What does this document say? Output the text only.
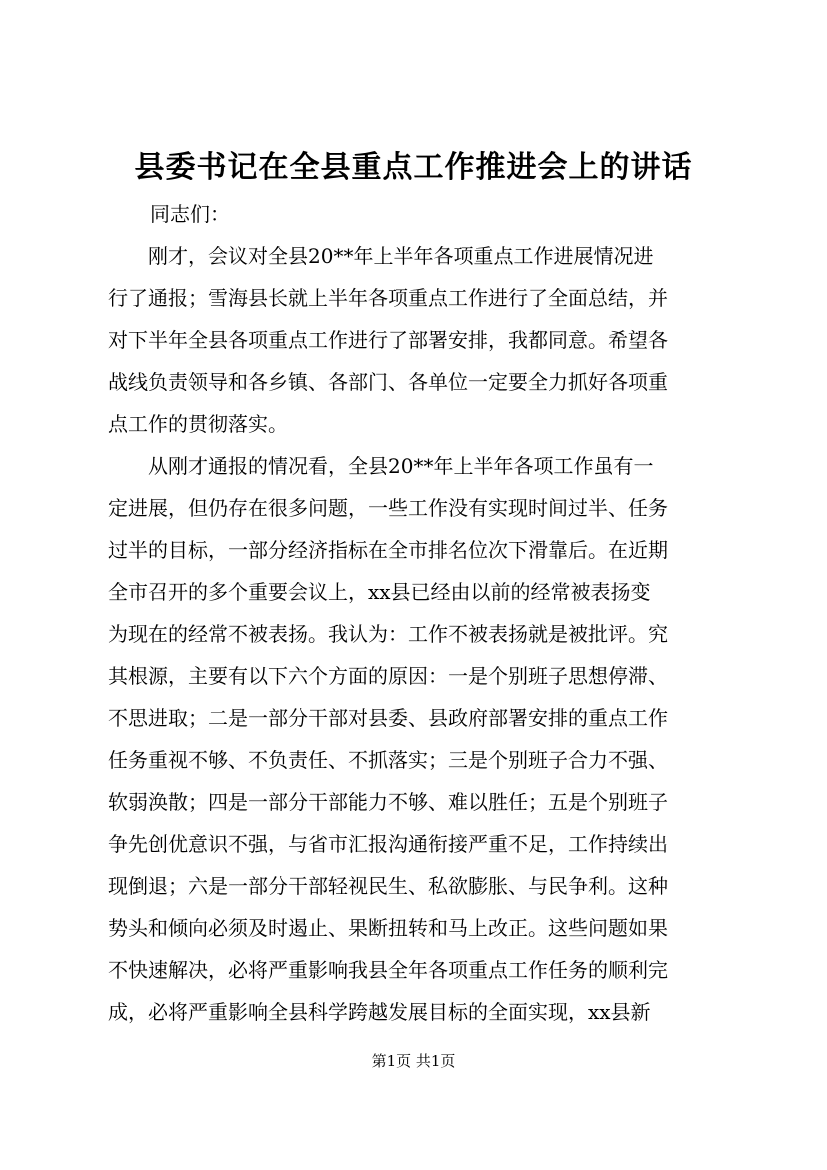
县委书记在全县重点工作推进会上的讲话

同志们：

　　刚才，会议对全县20**年上半年各项重点工作进展情况进

行了通报；雪海县长就上半年各项重点工作进行了全面总结，并

对下半年全县各项重点工作进行了部署安排，我都同意。希望各

战线负责领导和各乡镇、各部门、各单位一定要全力抓好各项重

点工作的贯彻落实。

　　从刚才通报的情况看，全县20**年上半年各项工作虽有一

定进展，但仍存在很多问题，一些工作没有实现时间过半、任务

过半的目标，一部分经济指标在全市排名位次下滑靠后。在近期

全市召开的多个重要会议上，xx县已经由以前的经常被表扬变

为现在的经常不被表扬。我认为：工作不被表扬就是被批评。究

其根源，主要有以下六个方面的原因：一是个别班子思想停滞、

不思进取；二是一部分干部对县委、县政府部署安排的重点工作

任务重视不够、不负责任、不抓落实；三是个别班子合力不强、

软弱涣散；四是一部分干部能力不够、难以胜任；五是个别班子

争先创优意识不强，与省市汇报沟通衔接严重不足，工作持续出

现倒退；六是一部分干部轻视民生、私欲膨胀、与民争利。这种

势头和倾向必须及时遏止、果断扭转和马上改正。这些问题如果

不快速解决，必将严重影响我县全年各项重点工作任务的顺利完

成，必将严重影响全县科学跨越发展目标的全面实现，xx县新

第1页 共1页
